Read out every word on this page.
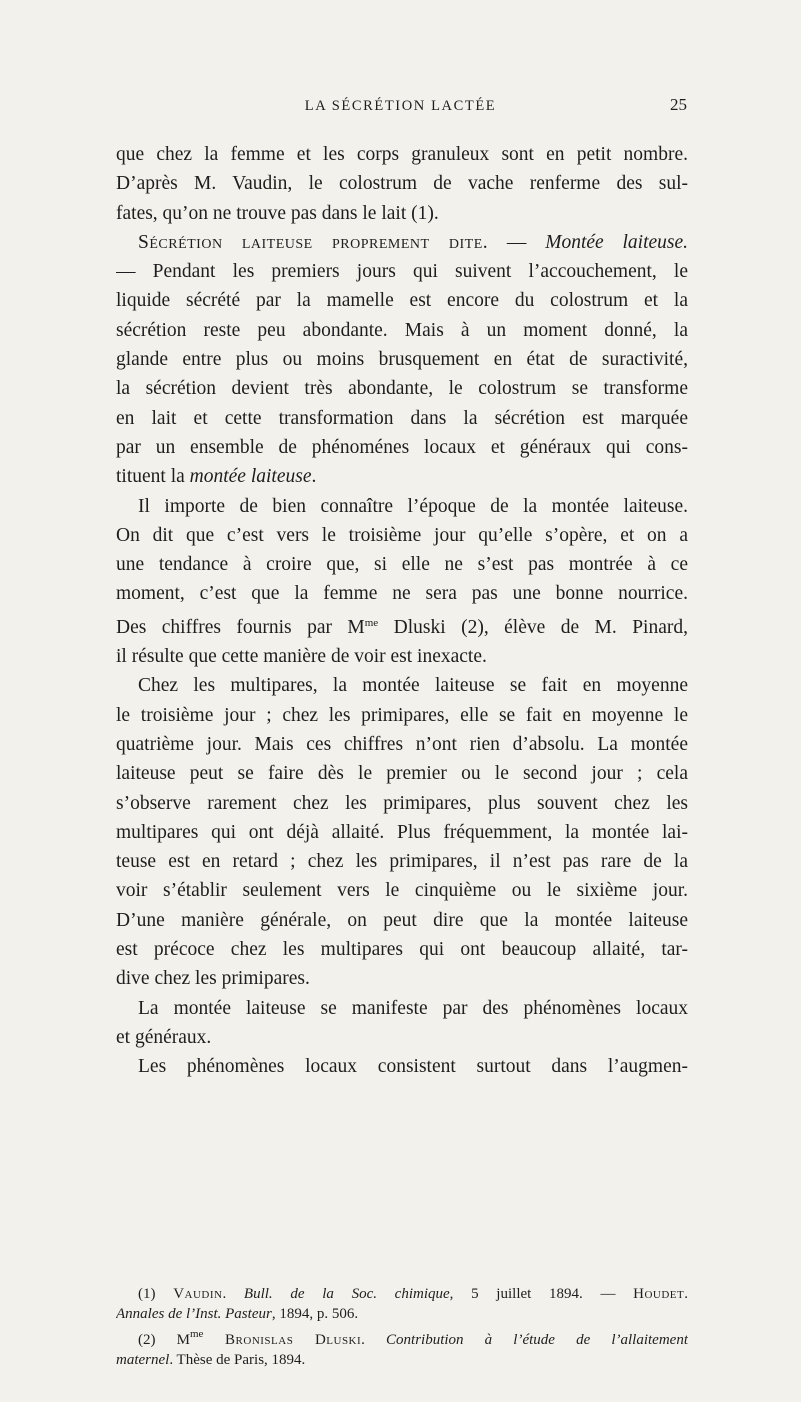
LA SÉCRÉTION LACTÉE	25

que chez la femme et les corps granuleux sont en petit nombre.
D’après M. Vaudin, le colostrum de vache renferme des sul-
fates, qu’on ne trouve pas dans le lait (1).

Sécrétion laiteuse proprement dite. — Montée laiteuse.
— Pendant les premiers jours qui suivent l’accouchement, le
liquide sécrété par la mamelle est encore du colostrum et la
sécrétion reste peu abondante. Mais à un moment donné, la
glande entre plus ou moins brusquement en état de suractivité,
la sécrétion devient très abondante, le colostrum se transforme
en lait et cette transformation dans la sécrétion est marquée
par un ensemble de phénoménes locaux et généraux qui cons-
tituent la montée laiteuse.

Il importe de bien connaître l’époque de la montée laiteuse.
On dit que c’est vers le troisième jour qu’elle s’opère, et on a
une tendance à croire que, si elle ne s’est pas montrée à ce
moment, c’est que la femme ne sera pas une bonne nourrice.
Des chiffres fournis par $M^{me}$ Dluski (2), élève de M. Pinard,
il résulte que cette manière de voir est inexacte.

Chez les multipares, la montée laiteuse se fait en moyenne
le troisième jour ; chez les primipares, elle se fait en moyenne le
quatrième jour. Mais ces chiffres n’ont rien d’absolu. La montée
laiteuse peut se faire dès le premier ou le second jour ; cela
s’observe rarement chez les primipares, plus souvent chez les
multipares qui ont déjà allaité. Plus fréquemment, la montée lai-
teuse est en retard ; chez les primipares, il n’est pas rare de la
voir s’établir seulement vers le cinquième ou le sixième jour.
D’une manière générale, on peut dire que la montée laiteuse
est précoce chez les multipares qui ont beaucoup allaité, tar-
dive chez les primipares.

La montée laiteuse se manifeste par des phénomènes locaux
et généraux.

Les phénomènes locaux consistent surtout dans l’augmen-

(1) Vaudin. Bull. de la Soc. chimique, 5 juillet 1894. — Houdet.
Annales de l’Inst. Pasteur, 1894, p. 506.

(2) $M^{me}$ Bronislas Dluski. Contribution à l’étude de l’allaitement
maternel. Thèse de Paris, 1894.
